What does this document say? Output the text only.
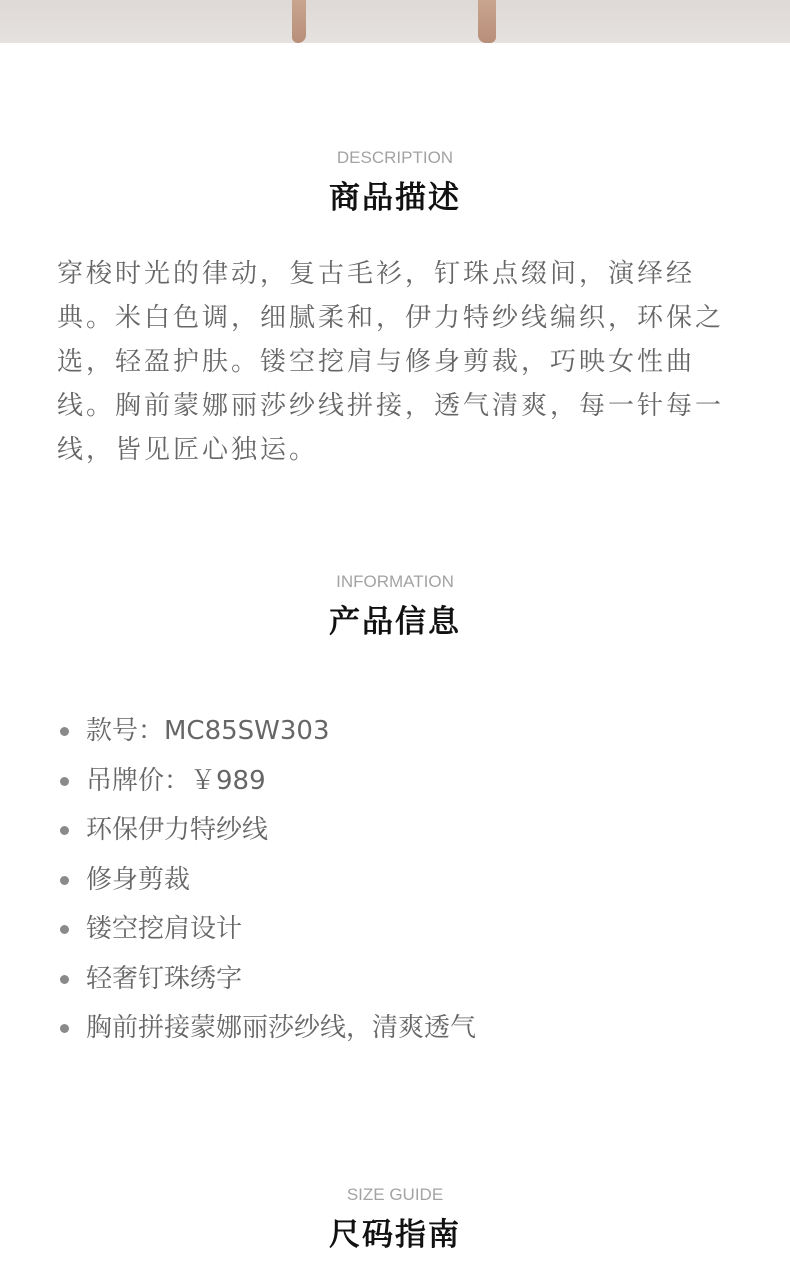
DESCRIPTION
商品描述

穿梭时光的律动，复古毛衫，钉珠点缀间，演绎经典。米白色调，细腻柔和，伊力特纱线编织，环保之选，轻盈护肤。镂空挖肩与修身剪裁，巧映女性曲线。胸前蒙娜丽莎纱线拼接，透气清爽，每一针每一线，皆见匠心独运。

INFORMATION
产品信息
款号：MC85SW303
吊牌价：￥989
环保伊力特纱线
修身剪裁
镂空挖肩设计
轻奢钉珠绣字
胸前拼接蒙娜丽莎纱线，清爽透气
SIZE GUIDE
尺码指南
